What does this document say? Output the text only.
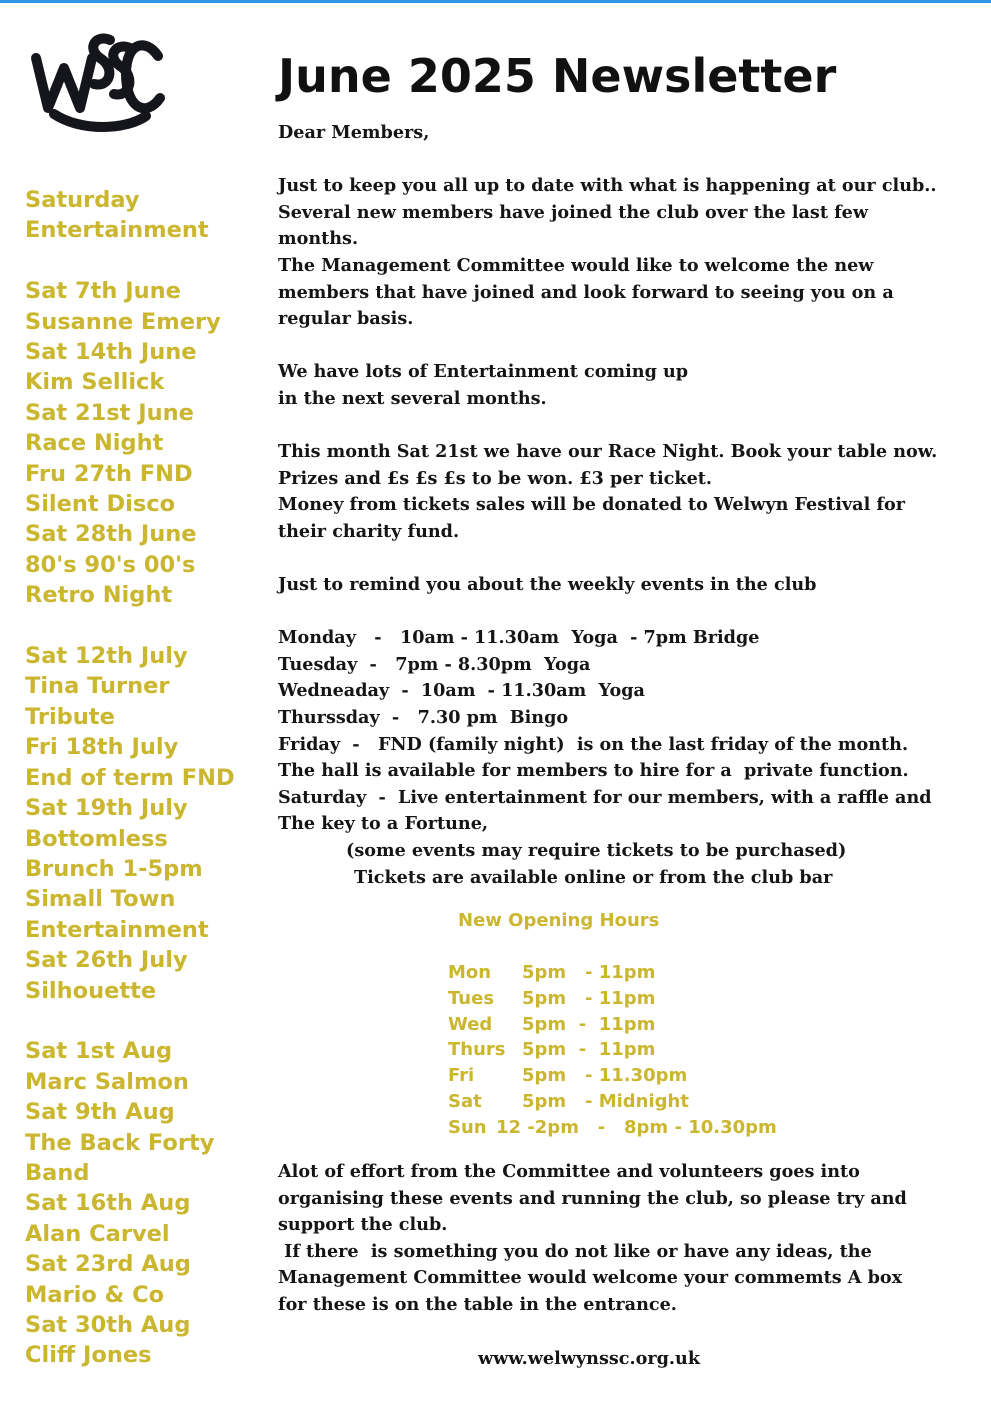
Saturday
Entertainment
Sat 7th June
Susanne Emery
Sat 14th June
Kim Sellick
Sat 21st June
Race Night
Fru 27th FND
Silent Disco
Sat 28th June
80's 90's 00's
Retro Night
Sat 12th July
Tina Turner
Tribute
Fri 18th July
End of term FND
Sat 19th July
Bottomless
Brunch 1-5pm
Simall Town
Entertainment
Sat 26th July
Silhouette
Sat 1st Aug
Marc Salmon
Sat 9th Aug
The Back Forty
Band
Sat 16th Aug
Alan Carvel
Sat 23rd Aug
Mario & Co
Sat 30th Aug
Cliff Jones
June 2025 Newsletter
Dear Members,
Just to keep you all up to date with what is happening at our club..
Several new members have joined the club over the last few
months.
The Management Committee would like to welcome the new
members that have joined and look forward to seeing you on a
regular basis.
We have lots of Entertainment coming up
in the next several months.
This month Sat 21st we have our Race Night. Book your table now.
Prizes and £s £s £s to be won. £3 per ticket.
Money from tickets sales will be donated to Welwyn Festival for
their charity fund.
Just to remind you about the weekly events in the club
Monday   -   10am - 11.30am  Yoga  - 7pm Bridge
Tuesday  -   7pm - 8.30pm  Yoga
Wedneaday  -  10am  - 11.30am  Yoga
Thurssday  -   7.30 pm  Bingo
Friday  -   FND (family night)  is on the last friday of the month.
The hall is available for members to hire for a  private function.
Saturday  -  Live entertainment for our members, with a raffle and
The key to a Fortune,
(some events may require tickets to be purchased)
Tickets are available online or from the club bar
New Opening Hours
Mon	5pm   - 11pm
Tues	5pm   - 11pm
Wed	5pm  -  11pm
Thurs 5pm  -  11pm
Fri	5pm   - 11.30pm
Sat	5pm   - Midnight
Sun 12 -2pm   -   8pm - 10.30pm
Alot of effort from the Committee and volunteers goes into
organising these events and running the club, so please try and
support the club.
If there  is something you do not like or have any ideas, the
Management Committee would welcome your commemts A box
for these is on the table in the entrance.
www.welwynssc.org.uk
